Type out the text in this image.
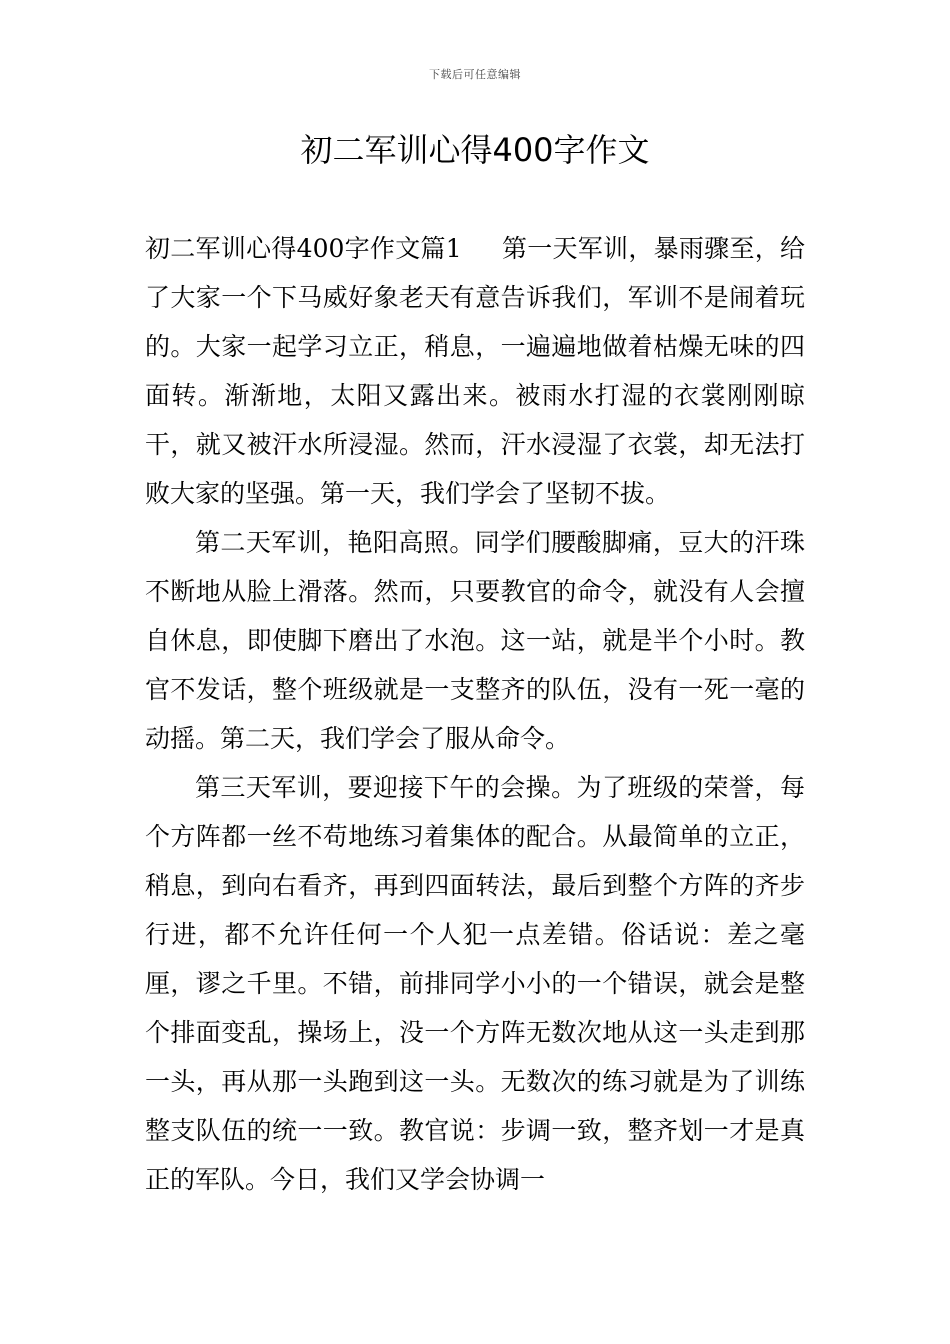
下载后可任意编辑
初二军训心得400字作文

初二军训心得400字作文篇1 第一天军训，暴雨骤至，给了大家一个下马威好象老天有意告诉我们，军训不是闹着玩的。大家一起学习立正，稍息，一遍遍地做着枯燥无味的四面转。渐渐地，太阳又露出来。被雨水打湿的衣裳刚刚晾干，就又被汗水所浸湿。然而，汗水浸湿了衣裳，却无法打败大家的坚强。第一天，我们学会了坚韧不拔。

第二天军训，艳阳高照。同学们腰酸脚痛，豆大的汗珠不断地从脸上滑落。然而，只要教官的命令，就没有人会擅自休息，即使脚下磨出了水泡。这一站，就是半个小时。教官不发话，整个班级就是一支整齐的队伍，没有一死一毫的动摇。第二天，我们学会了服从命令。

第三天军训，要迎接下午的会操。为了班级的荣誉，每个方阵都一丝不苟地练习着集体的配合。从最简单的立正，稍息，到向右看齐，再到四面转法，最后到整个方阵的齐步行进，都不允许任何一个人犯一点差错。俗话说：差之毫厘，谬之千里。不错，前排同学小小的一个错误，就会是整个排面变乱，操场上，没一个方阵无数次地从这一头走到那一头，再从那一头跑到这一头。无数次的练习就是为了训练整支队伍的统一一致。教官说：步调一致，整齐划一才是真正的军队。今日，我们又学会协调一
